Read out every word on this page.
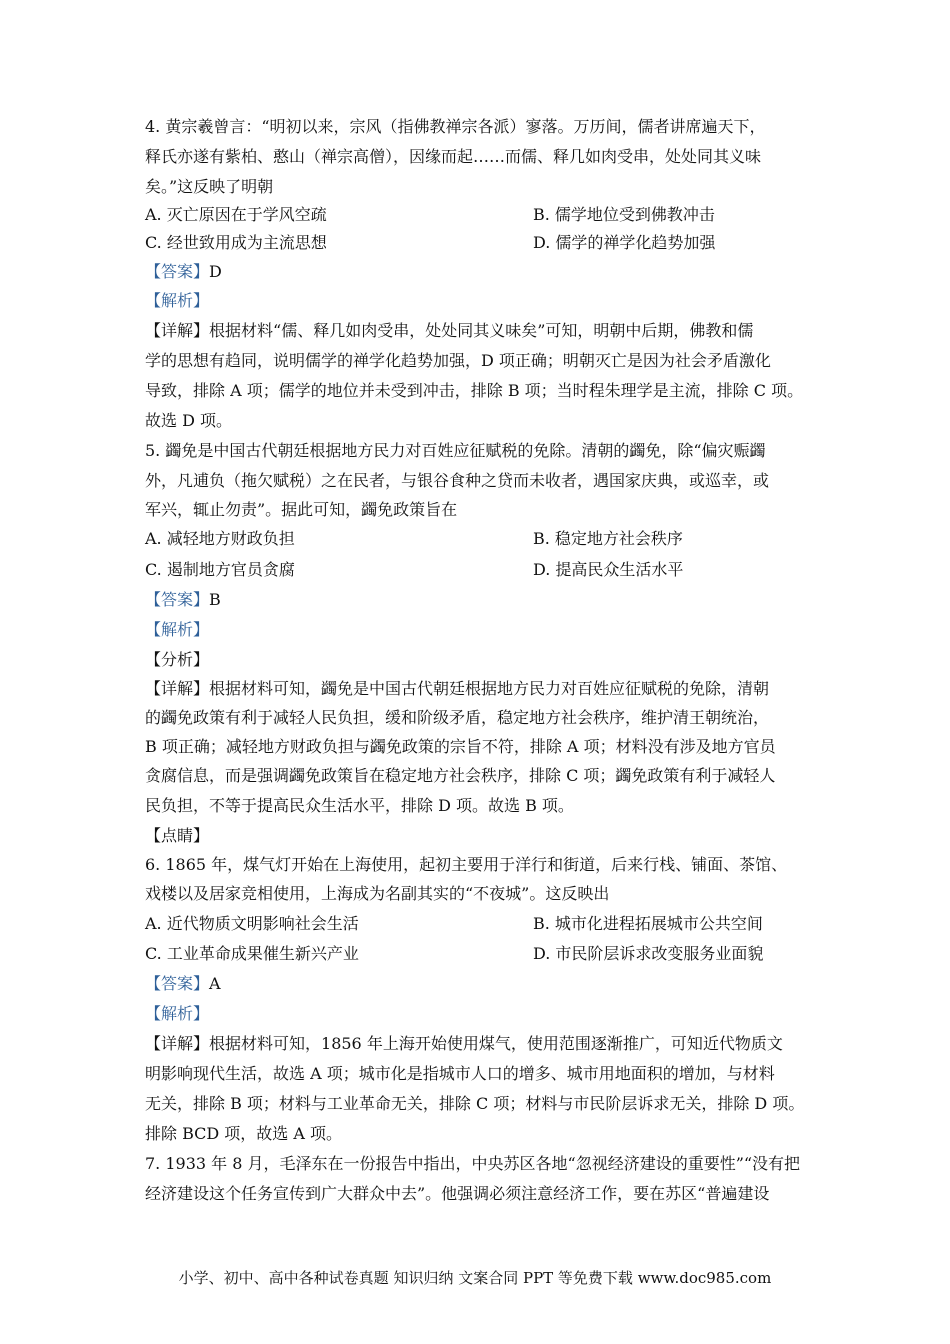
4. 黄宗羲曾言：“明初以来，宗风（指佛教禅宗各派）寥落。万历间，儒者讲席遍天下，
释氏亦遂有紫柏、憨山（禅宗高僧），因缘而起……而儒、释几如肉受串，处处同其义味
矣。”这反映了明朝
A. 灭亡原因在于学风空疏	B. 儒学地位受到佛教冲击
C. 经世致用成为主流思想	D. 儒学的禅学化趋势加强
【答案】D
【解析】
【详解】根据材料“儒、释几如肉受串，处处同其义味矣”可知，明朝中后期，佛教和儒
学的思想有趋同，说明儒学的禅学化趋势加强，D 项正确；明朝灭亡是因为社会矛盾激化
导致，排除 A 项；儒学的地位并未受到冲击，排除 B 项；当时程朱理学是主流，排除 C 项。
故选 D 项。
5. 蠲免是中国古代朝廷根据地方民力对百姓应征赋税的免除。清朝的蠲免，除“偏灾赈蠲
外，凡逋负（拖欠赋税）之在民者，与银谷食种之贷而未收者，遇国家庆典，或巡幸，或
军兴，辄止勿责”。据此可知，蠲免政策旨在
A. 减轻地方财政负担	B. 稳定地方社会秩序
C. 遏制地方官员贪腐	D. 提高民众生活水平
【答案】B
【解析】
【分析】
【详解】根据材料可知，蠲免是中国古代朝廷根据地方民力对百姓应征赋税的免除，清朝
的蠲免政策有利于减轻人民负担，缓和阶级矛盾，稳定地方社会秩序，维护清王朝统治，
B 项正确；减轻地方财政负担与蠲免政策的宗旨不符，排除 A 项；材料没有涉及地方官员
贪腐信息，而是强调蠲免政策旨在稳定地方社会秩序，排除 C 项；蠲免政策有利于减轻人
民负担，不等于提高民众生活水平，排除 D 项。故选 B 项。
【点睛】
6. 1865 年，煤气灯开始在上海使用，起初主要用于洋行和街道，后来行栈、铺面、茶馆、
戏楼以及居家竞相使用，上海成为名副其实的“不夜城”。这反映出
A. 近代物质文明影响社会生活	B. 城市化进程拓展城市公共空间
C. 工业革命成果催生新兴产业	D. 市民阶层诉求改变服务业面貌
【答案】A
【解析】
【详解】根据材料可知，1856 年上海开始使用煤气，使用范围逐渐推广，可知近代物质文
明影响现代生活，故选 A 项；城市化是指城市人口的增多、城市用地面积的增加，与材料
无关，排除 B 项；材料与工业革命无关，排除 C 项；材料与市民阶层诉求无关，排除 D 项。
排除 BCD 项，故选 A 项。
7. 1933 年 8 月，毛泽东在一份报告中指出，中央苏区各地“忽视经济建设的重要性”“没有把
经济建设这个任务宣传到广大群众中去”。他强调必须注意经济工作，要在苏区“普遍建设
小学、初中、高中各种试卷真题 知识归纳 文案合同 PPT 等免费下载 www.doc985.com
